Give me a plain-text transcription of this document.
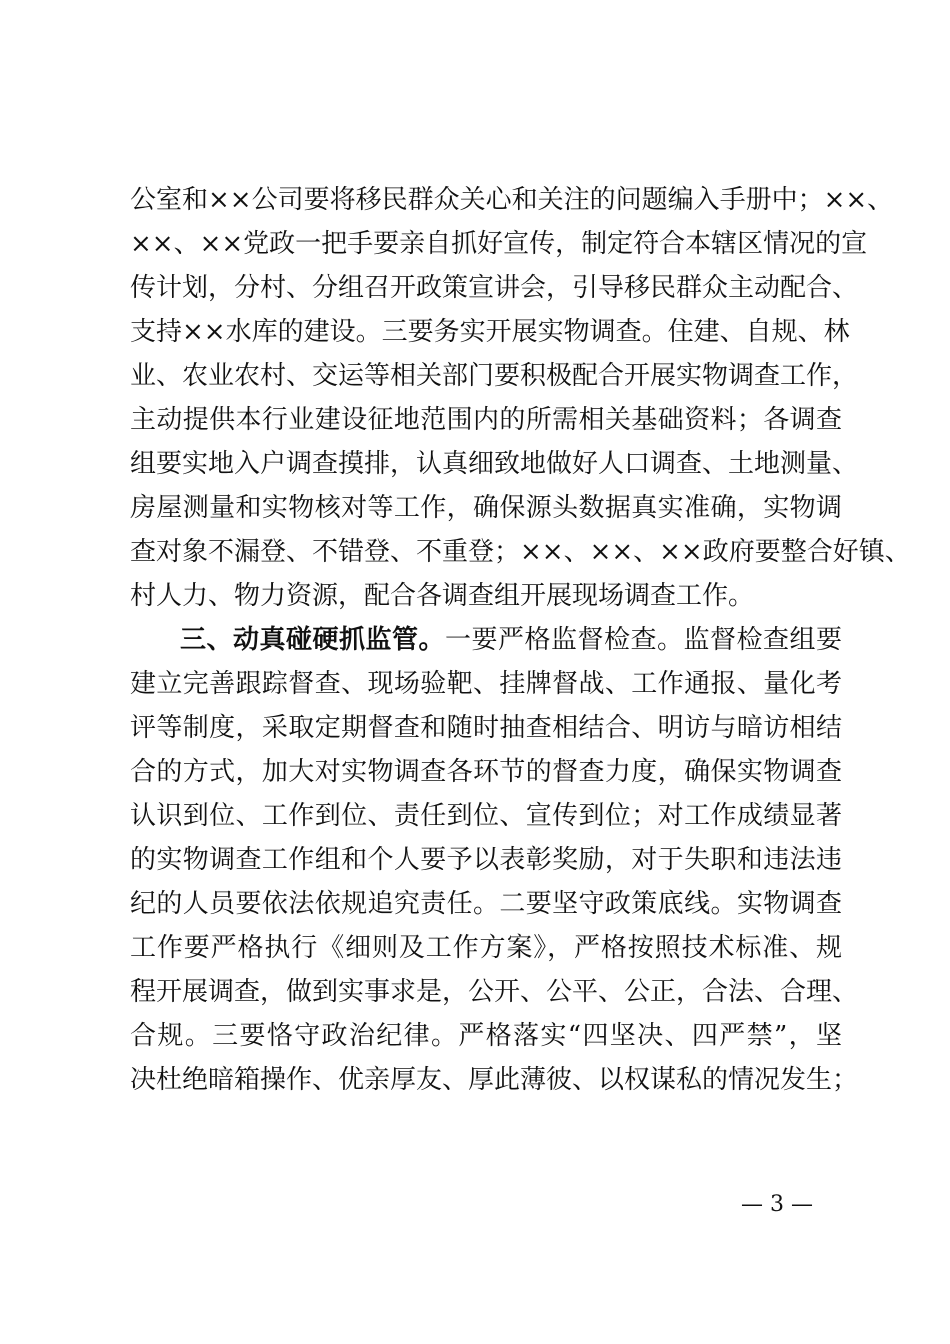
公室和××公司要将移民群众关心和关注的问题编入手册中；××、
××、××党政一把手要亲自抓好宣传，制定符合本辖区情况的宣
传计划，分村、分组召开政策宣讲会，引导移民群众主动配合、
支持××水库的建设。三要务实开展实物调查。住建、自规、林
业、农业农村、交运等相关部门要积极配合开展实物调查工作，
主动提供本行业建设征地范围内的所需相关基础资料；各调查
组要实地入户调查摸排，认真细致地做好人口调查、土地测量、
房屋测量和实物核对等工作，确保源头数据真实准确，实物调
查对象不漏登、不错登、不重登；××、××、××政府要整合好镇、
村人力、物力资源，配合各调查组开展现场调查工作。
三、动真碰硬抓监管。一要严格监督检查。监督检查组要
建立完善跟踪督查、现场验靶、挂牌督战、工作通报、量化考
评等制度，采取定期督查和随时抽查相结合、明访与暗访相结
合的方式，加大对实物调查各环节的督查力度，确保实物调查
认识到位、工作到位、责任到位、宣传到位；对工作成绩显著
的实物调查工作组和个人要予以表彰奖励，对于失职和违法违
纪的人员要依法依规追究责任。二要坚守政策底线。实物调查
工作要严格执行《细则及工作方案》，严格按照技术标准、规
程开展调查，做到实事求是，公开、公平、公正，合法、合理、
合规。三要恪守政治纪律。严格落实“四坚决、四严禁”，坚
决杜绝暗箱操作、优亲厚友、厚此薄彼、以权谋私的情况发生；
— 3 —
